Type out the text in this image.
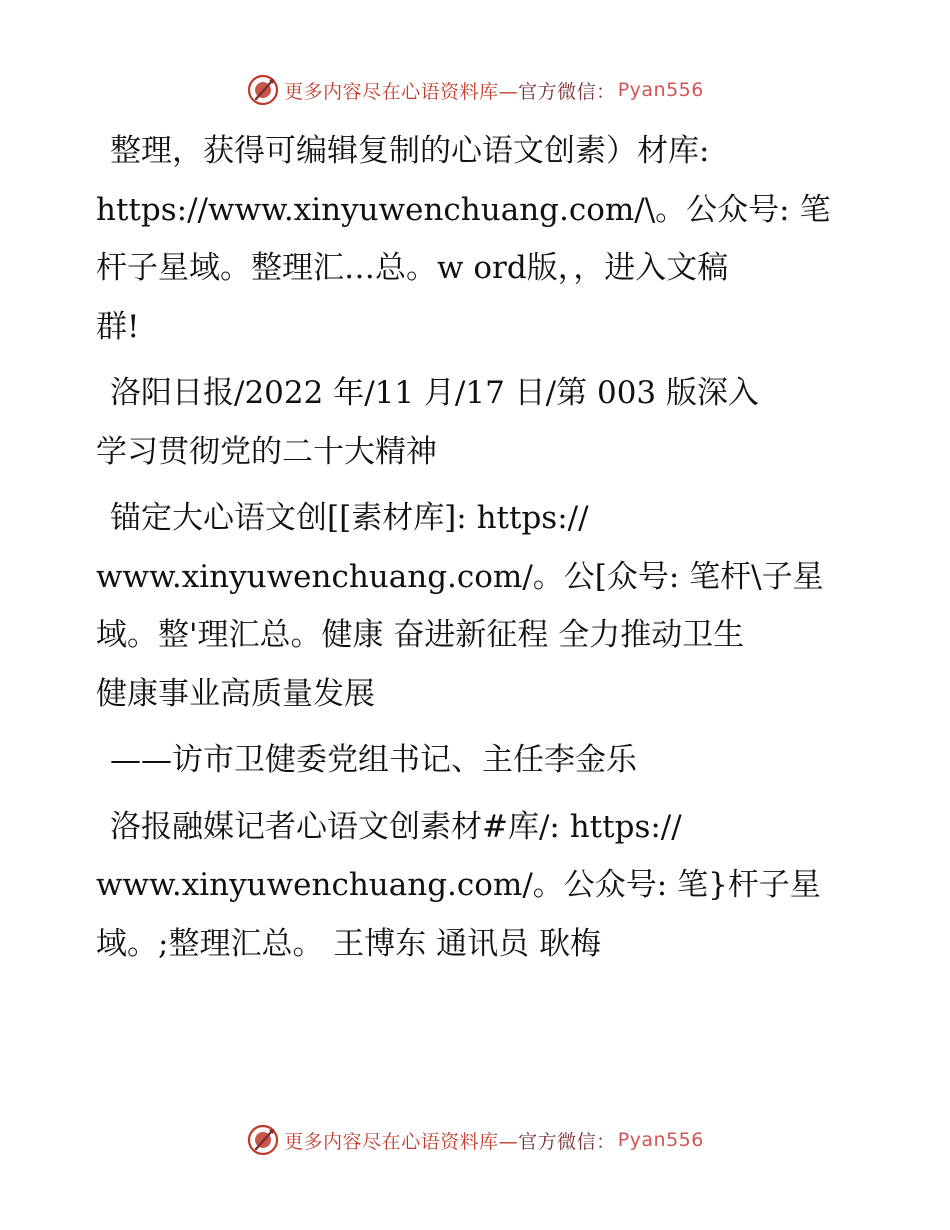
更多内容尽在心语资料库— 官方微信： Pyan556
整理，获得可编辑复制的心语文创素）材库:
https://www.xinyuwenchuang.com/\。公众号: 笔
杆子星域。整理汇…总。w ord版，，进入文稿
群!
洛阳日报/2022 年/11 月/17 日/第 003 版深入
学习贯彻党的二十大精神
锚定大心语文创[[素材库]: https://
www.xinyuwenchuang.com/。公[众号: 笔杆\子星
域。整'理汇总。健康 奋进新征程 全力推动卫生
健康事业高质量发展
——访市卫健委党组书记、主任李金乐
洛报融媒记者心语文创素材#库/: https://
www.xinyuwenchuang.com/。公众号: 笔}杆子星
域。;整理汇总。 王博东 通讯员 耿梅
更多内容尽在心语资料库— 官方微信： Pyan556
